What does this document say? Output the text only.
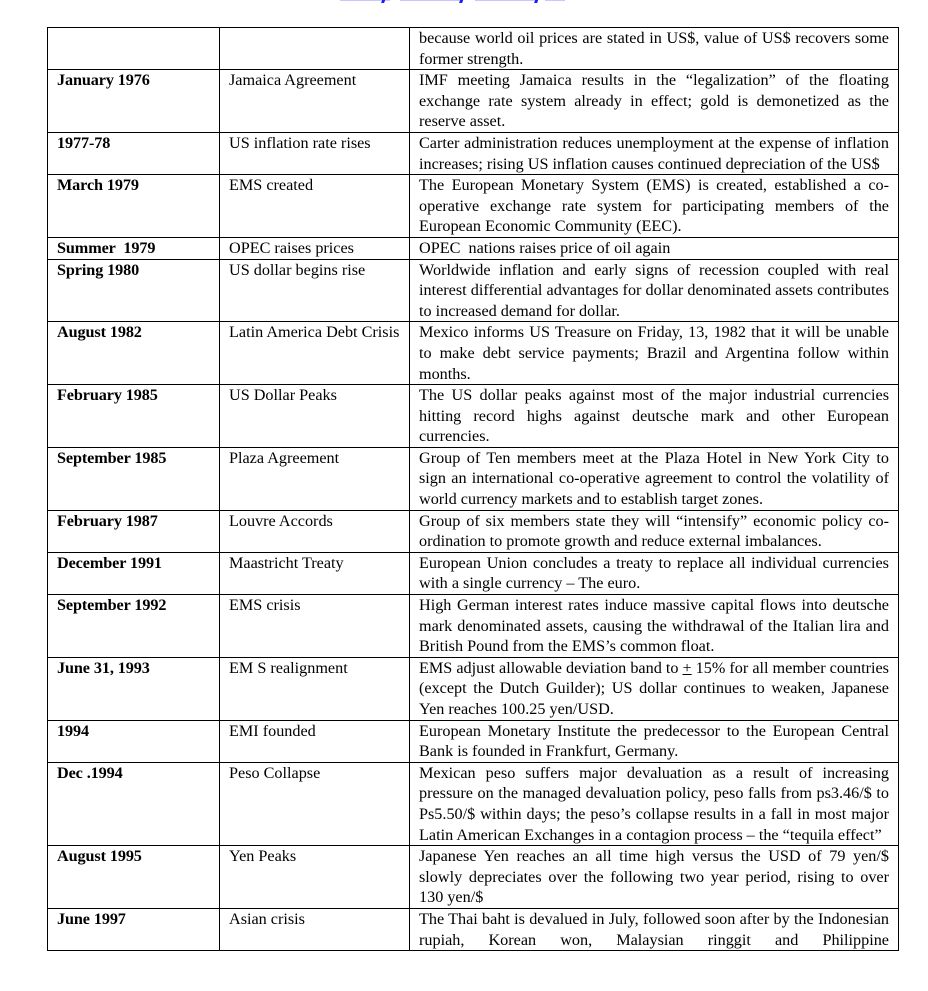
		because world oil prices are stated in US$, value of US$ recovers some former strength.
January 1976	Jamaica Agreement	IMF meeting Jamaica results in the “legalization” of the floating exchange rate system already in effect; gold is demonetized as the reserve asset.
1977-78	US inflation rate rises	Carter administration reduces unemployment at the expense of inflation increases; rising US inflation causes continued depreciation of the US$
March 1979	EMS created	The European Monetary System (EMS) is created, established a co-operative exchange rate system for participating members of the European Economic Community (EEC).
Summer  1979	OPEC raises prices	OPEC  nations raises price of oil again
Spring 1980	US dollar begins rise	Worldwide inflation and early signs of recession coupled with real interest differential advantages for dollar denominated assets contributes to increased demand for dollar.
August 1982	Latin America Debt Crisis	Mexico informs US Treasure on Friday, 13, 1982 that it will be unable to make debt service payments; Brazil and Argentina follow within months.
February 1985	US Dollar Peaks	The US dollar peaks against most of the major industrial currencies hitting record highs against deutsche mark and other European currencies.
September 1985	Plaza Agreement	Group of Ten members meet at the Plaza Hotel in New York City to sign an international co-operative agreement to control the volatility of world currency markets and to establish target zones.
February 1987	Louvre Accords	Group of six members state they will “intensify” economic policy co-ordination to promote growth and reduce external imbalances.
December 1991	Maastricht Treaty	European Union concludes a treaty to replace all individual currencies with a single currency – The euro.
September 1992	EMS crisis	High German interest rates induce massive capital flows into deutsche mark denominated assets, causing the withdrawal of the Italian lira and British Pound from the EMS’s common float.
June 31, 1993	EM S realignment	EMS adjust allowable deviation band to + 15% for all member countries (except the Dutch Guilder); US dollar continues to weaken, Japanese Yen reaches 100.25 yen/USD.
1994	EMI founded	European Monetary Institute the predecessor to the European Central Bank is founded in Frankfurt, Germany.
Dec .1994	Peso Collapse	Mexican peso suffers major devaluation as a result of increasing pressure on the managed devaluation policy, peso falls from ps3.46/$ to Ps5.50/$ within days; the peso’s collapse results in a fall in most major Latin American Exchanges in a contagion process – the “tequila effect”
August 1995	Yen Peaks	Japanese Yen reaches an all time high versus the USD of 79 yen/$ slowly depreciates over the following two year period, rising to over 130 yen/$
June 1997	Asian crisis	The Thai baht is devalued in July, followed soon after by the Indonesian rupiah, Korean won, Malaysian ringgit and Philippine
